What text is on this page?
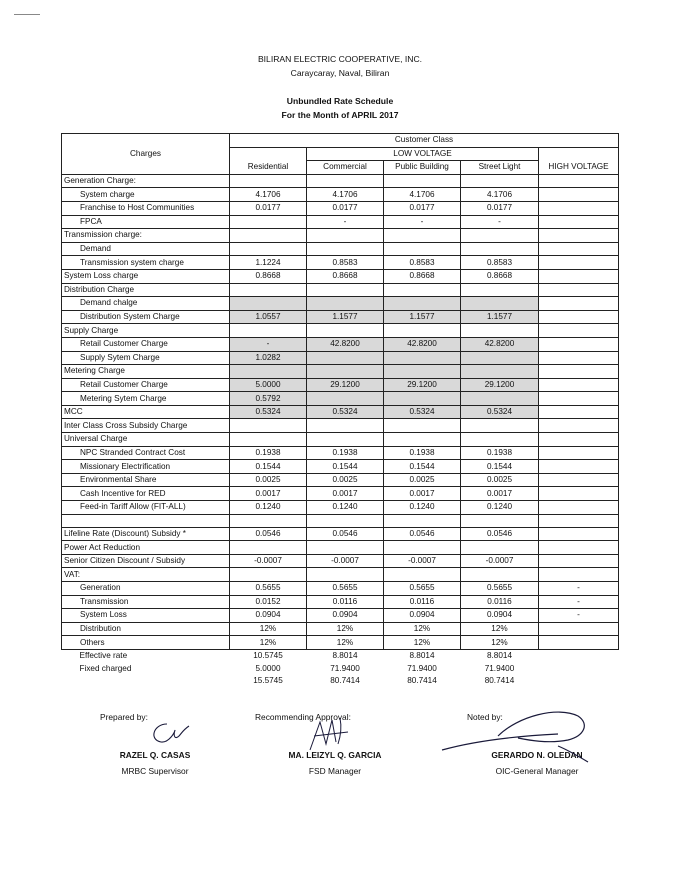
BILIRAN ELECTRIC COOPERATIVE, INC.
Caraycaray, Naval, Biliran
Unbundled Rate Schedule
For the Month of APRIL 2017
Charges	Customer Class				
		LOW VOLTAGE			
	Residential	Commercial	Public Building	Street Light	HIGH VOLTAGE
Generation Charge:					
System charge	4.1706	4.1706	4.1706	4.1706	
Franchise to Host Communities	0.0177	0.0177	0.0177	0.0177	
FPCA		-	-	-	
Transmission charge:					
Demand					
Transmission system charge	1.1224	0.8583	0.8583	0.8583	
System Loss charge	0.8668	0.8668	0.8668	0.8668	
Distribution Charge					
Demand chalge					
Distribution System Charge	1.0557	1.1577	1.1577	1.1577	
Supply Charge					
Retail Customer Charge	-	42.8200	42.8200	42.8200	
Supply Sytem Charge	1.0282				
Metering Charge					
Retail Customer Charge	5.0000	29.1200	29.1200	29.1200	
Metering Sytem Charge	0.5792				
MCC	0.5324	0.5324	0.5324	0.5324	
Inter Class Cross Subsidy Charge					
Universal Charge					
NPC Stranded Contract Cost	0.1938	0.1938	0.1938	0.1938	
Missionary Electrification	0.1544	0.1544	0.1544	0.1544	
Environmental Share	0.0025	0.0025	0.0025	0.0025	
Cash Incentive for RED	0.0017	0.0017	0.0017	0.0017	
Feed-in Tariff Allow (FIT-ALL)	0.1240	0.1240	0.1240	0.1240	

Lifeline Rate (Discount) Subsidy *	0.0546	0.0546	0.0546	0.0546	
Power Act Reduction					
Senior Citizen Discount / Subsidy	-0.0007	-0.0007	-0.0007	-0.0007	
VAT:					
Generation	0.5655	0.5655	0.5655	0.5655	-
Transmission	0.0152	0.0116	0.0116	0.0116	-
System Loss	0.0904	0.0904	0.0904	0.0904	-
Distribution	12%	12%	12%	12%	
Others	12%	12%	12%	12%	
Effective rate	10.5745	8.8014	8.8014	8.8014	
Fixed charged	5.0000	71.9400	71.9400	71.9400	
	15.5745	80.7414	80.7414	80.7414	
Prepared by:
RAZEL Q. CASAS
MRBC Supervisor
Recommending Approval:
MA. LEIZYL Q. GARCIA
FSD Manager
Noted by:
GERARDO N. OLEDAN
OIC-General Manager
